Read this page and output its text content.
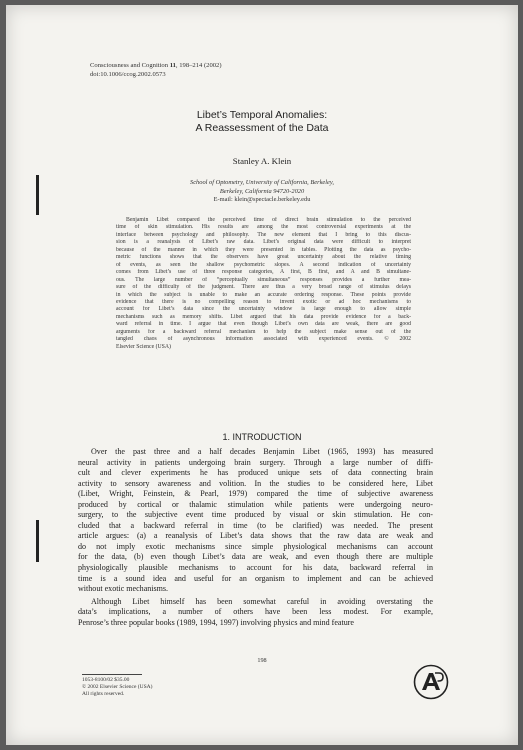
Consciousness and Cognition 11, 198–214 (2002)
doi:10.1006/ccog.2002.0573
Libet’s Temporal Anomalies:
A Reassessment of the Data
Stanley A. Klein
School of Optometry, University of California, Berkeley,
Berkeley, California 94720-2020
E-mail: klein@spectacle.berkeley.edu
Benjamin Libet compared the perceived time of direct brain stimulation to the perceived
time of skin stimulation. His results are among the most controversial experiments at the
interface between psychology and philosophy. The new element that I bring to this discus-
sion is a reanalysis of Libet’s raw data. Libet’s original data were difficult to interpret
because of the manner in which they were presented in tables. Plotting the data as psycho-
metric functions shows that the observers have great uncertainty about the relative timing
of events, as seen the shallow psychometric slopes. A second indication of uncertainty
comes from Libet’s use of three response categories, A first, B first, and A and B simultane-
ous. The large number of “perceptually simultaneous” responses provides a further mea-
sure of the difficulty of the judgment. There are thus a very broad range of stimulus delays
in which the subject is unable to make an accurate ordering response. These points provide
evidence that there is no compelling reason to invent exotic or ad hoc mechanisms to
account for Libet’s data since the uncertainty window is large enough to allow simple
mechanisms such as memory shifts. Libet argued that his data provide evidence for a back-
ward referral in time. I argue that even though Libet’s own data are weak, there are good
arguments for a backward referral mechanism to help the subject make sense out of the
tangled chaos of asynchronous information associated with experienced events. © 2002
Elsevier Science (USA)
1. INTRODUCTION
Over the past three and a half decades Benjamin Libet (1965, 1993) has measured
neural activity in patients undergoing brain surgery. Through a large number of diffi-
cult and clever experiments he has produced unique sets of data connecting brain
activity to sensory awareness and volition. In the studies to be considered here, Libet
(Libet, Wright, Feinstein, & Pearl, 1979) compared the time of subjective awareness
produced by cortical or thalamic stimulation while patients were undergoing neuro-
surgery, to the subjective event time produced by visual or skin stimulation. He con-
cluded that a backward referral in time (to be clarified) was needed. The present
article argues: (a) a reanalysis of Libet’s data shows that the raw data are weak and
do not imply exotic mechanisms since simple physiological mechanisms can account
for the data, (b) even though Libet’s data are weak, and even though there are multiple
physiologically plausible mechanisms to account for his data, backward referral in
time is a sound idea and useful for an organism to implement and can be achieved
without exotic mechanisms.
Although Libet himself has been somewhat careful in avoiding overstating the
data’s implications, a number of others have been less modest. For example,
Penrose’s three popular books (1989, 1994, 1997) involving physics and mind feature
198
1053-8100/02 $35.00
© 2002 Elsevier Science (USA)
All rights reserved.
